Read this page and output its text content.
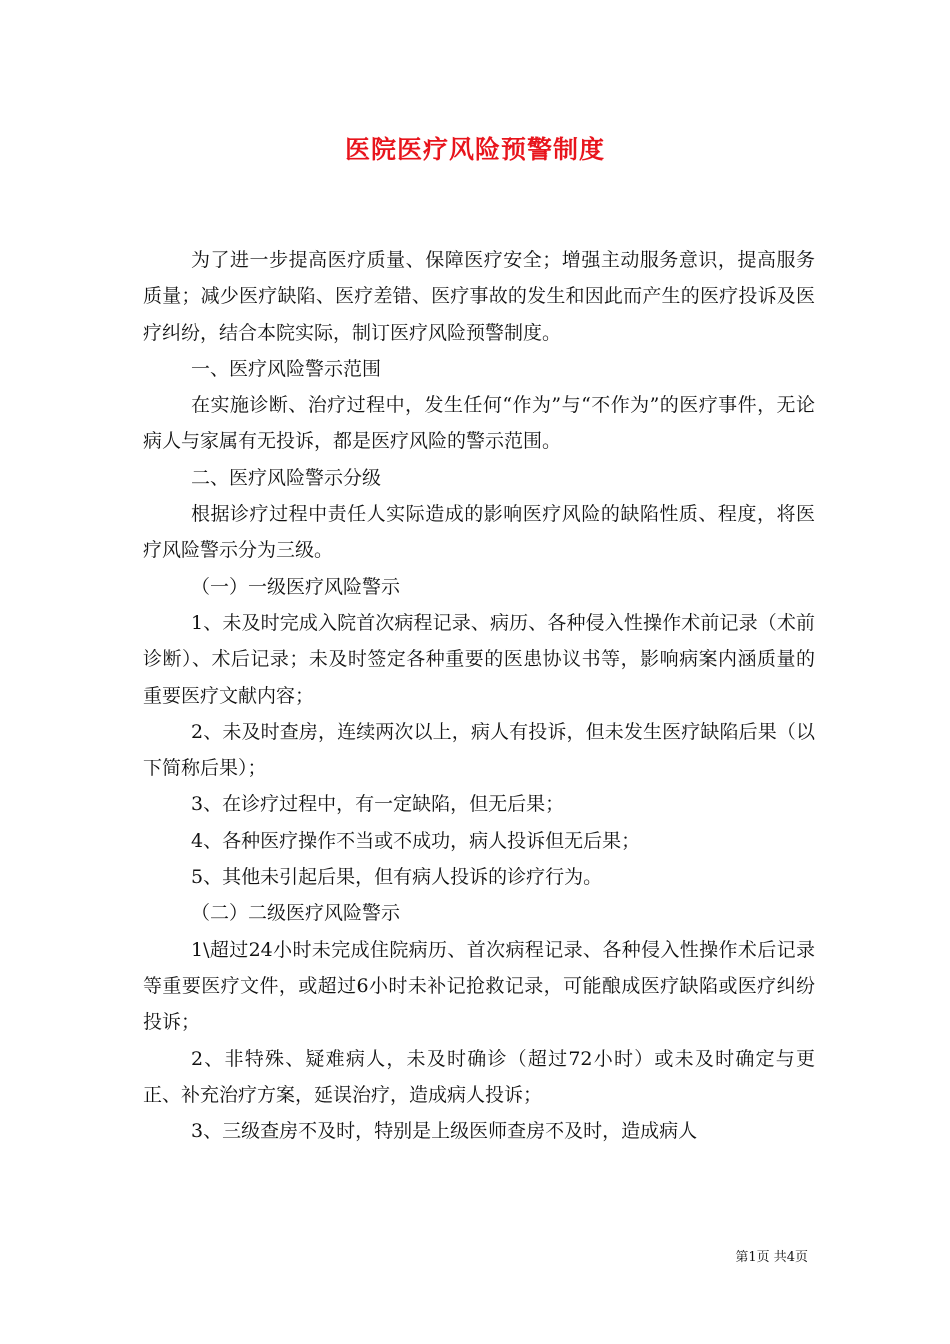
医院医疗风险预警制度

为了进一步提高医疗质量、保障医疗安全；增强主动服务意识，提高服务质量；减少医疗缺陷、医疗差错、医疗事故的发生和因此而产生的医疗投诉及医疗纠纷，结合本院实际，制订医疗风险预警制度。

一、医疗风险警示范围

在实施诊断、治疗过程中，发生任何“作为”与“不作为”的医疗事件，无论病人与家属有无投诉，都是医疗风险的警示范围。

二、医疗风险警示分级

根据诊疗过程中责任人实际造成的影响医疗风险的缺陷性质、程度，将医疗风险警示分为三级。

（一）一级医疗风险警示

1、未及时完成入院首次病程记录、病历、各种侵入性操作术前记录（术前诊断）、术后记录；未及时签定各种重要的医患协议书等，影响病案内涵质量的重要医疗文献内容；

2、未及时查房，连续两次以上，病人有投诉，但未发生医疗缺陷后果（以下简称后果）；

3、在诊疗过程中，有一定缺陷，但无后果；

4、各种医疗操作不当或不成功，病人投诉但无后果；

5、其他未引起后果，但有病人投诉的诊疗行为。

（二）二级医疗风险警示

1\超过24小时未完成住院病历、首次病程记录、各种侵入性操作术后记录等重要医疗文件，或超过6小时未补记抢救记录，可能酿成医疗缺陷或医疗纠纷投诉；

2、非特殊、疑难病人，未及时确诊（超过72小时）或未及时确定与更正、补充治疗方案，延误治疗，造成病人投诉；

3、三级查房不及时，特别是上级医师查房不及时，造成病人

第1页 共4页
